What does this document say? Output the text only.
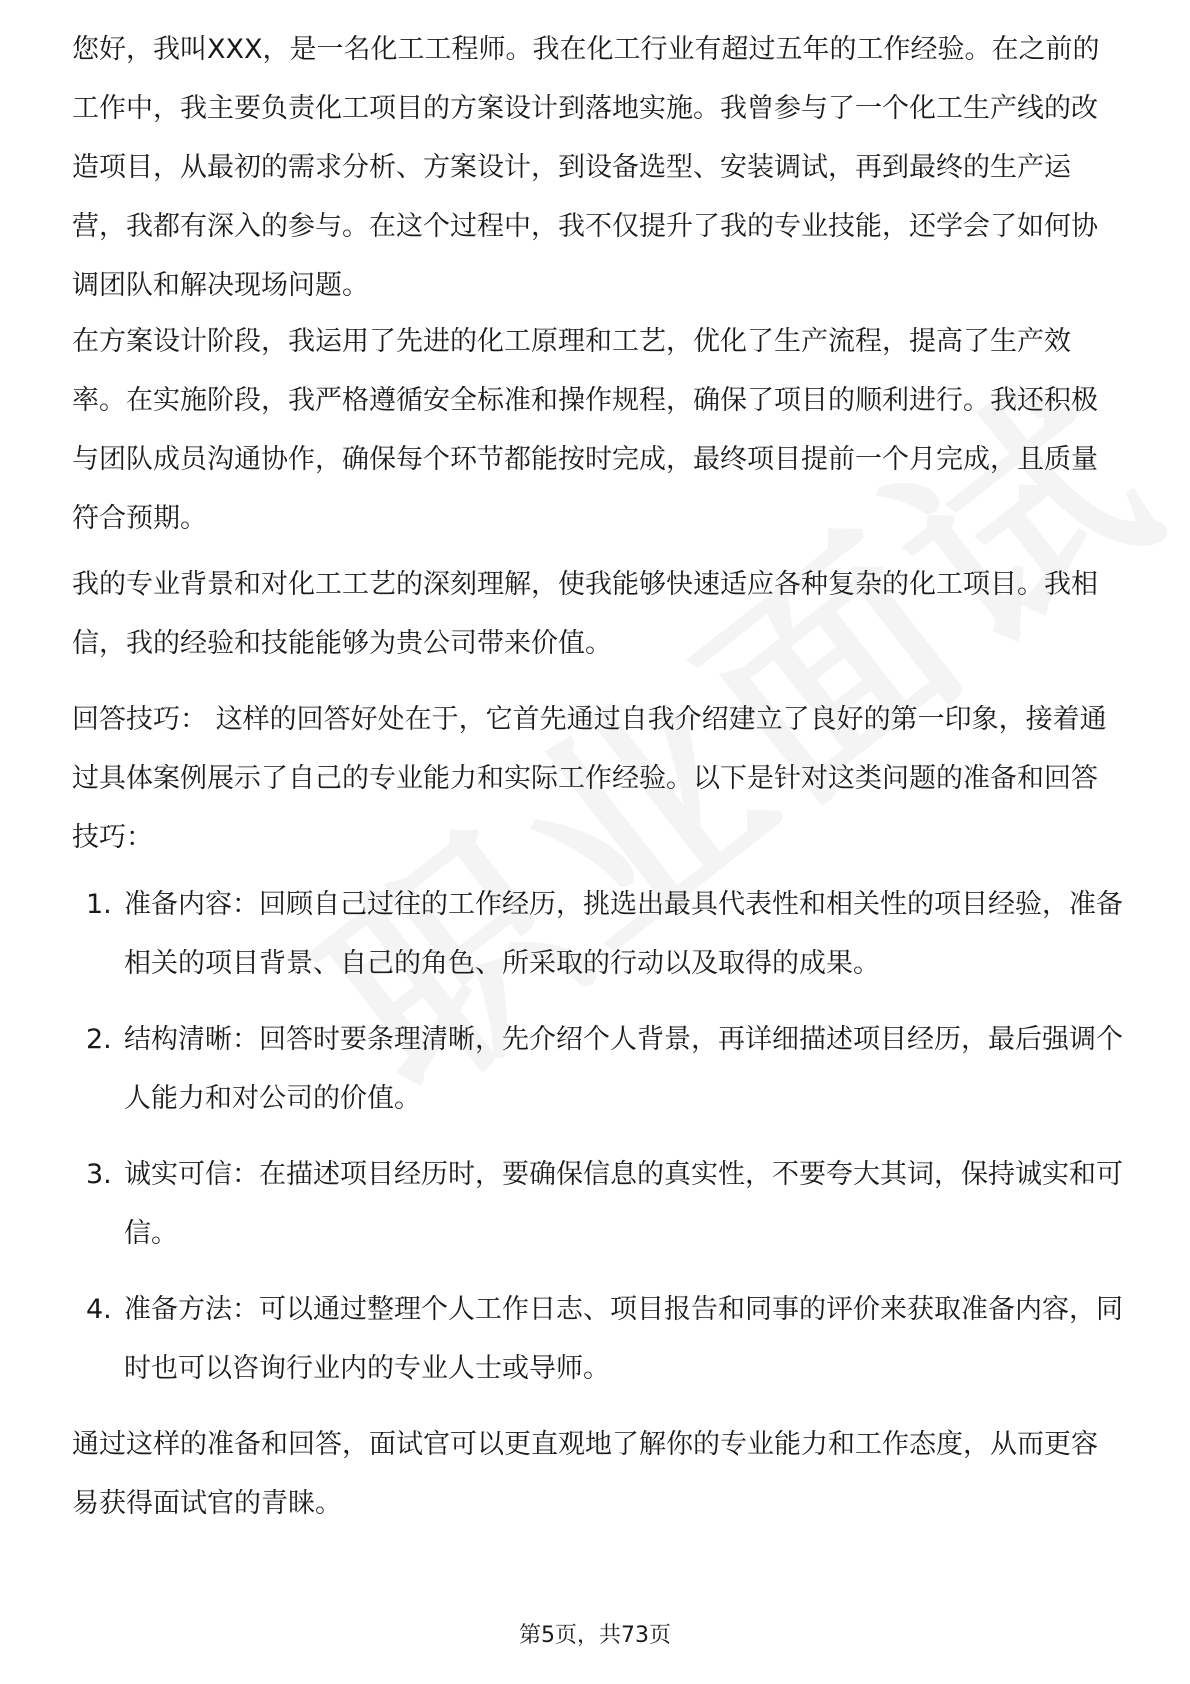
您好，我叫XXX，是一名化工工程师。我在化工行业有超过五年的工作经验。在之前的工作中，我主要负责化工项目的方案设计到落地实施。我曾参与了一个化工生产线的改造项目，从最初的需求分析、方案设计，到设备选型、安装调试，再到最终的生产运营，我都有深入的参与。在这个过程中，我不仅提升了我的专业技能，还学会了如何协调团队和解决现场问题。

在方案设计阶段，我运用了先进的化工原理和工艺，优化了生产流程，提高了生产效率。在实施阶段，我严格遵循安全标准和操作规程，确保了项目的顺利进行。我还积极与团队成员沟通协作，确保每个环节都能按时完成，最终项目提前一个月完成，且质量符合预期。

我的专业背景和对化工工艺的深刻理解，使我能够快速适应各种复杂的化工项目。我相信，我的经验和技能能够为贵公司带来价值。

回答技巧： 这样的回答好处在于，它首先通过自我介绍建立了良好的第一印象，接着通过具体案例展示了自己的专业能力和实际工作经验。以下是针对这类问题的准备和回答技巧：

1. 准备内容：回顾自己过往的工作经历，挑选出最具代表性和相关性的项目经验，准备相关的项目背景、自己的角色、所采取的行动以及取得的成果。
2. 结构清晰：回答时要条理清晰，先介绍个人背景，再详细描述项目经历，最后强调个人能力和对公司的价值。
3. 诚实可信：在描述项目经历时，要确保信息的真实性，不要夸大其词，保持诚实和可信。
4. 准备方法：可以通过整理个人工作日志、项目报告和同事的评价来获取准备内容，同时也可以咨询行业内的专业人士或导师。

通过这样的准备和回答，面试官可以更直观地了解你的专业能力和工作态度，从而更容易获得面试官的青睐。

第5页，共73页
